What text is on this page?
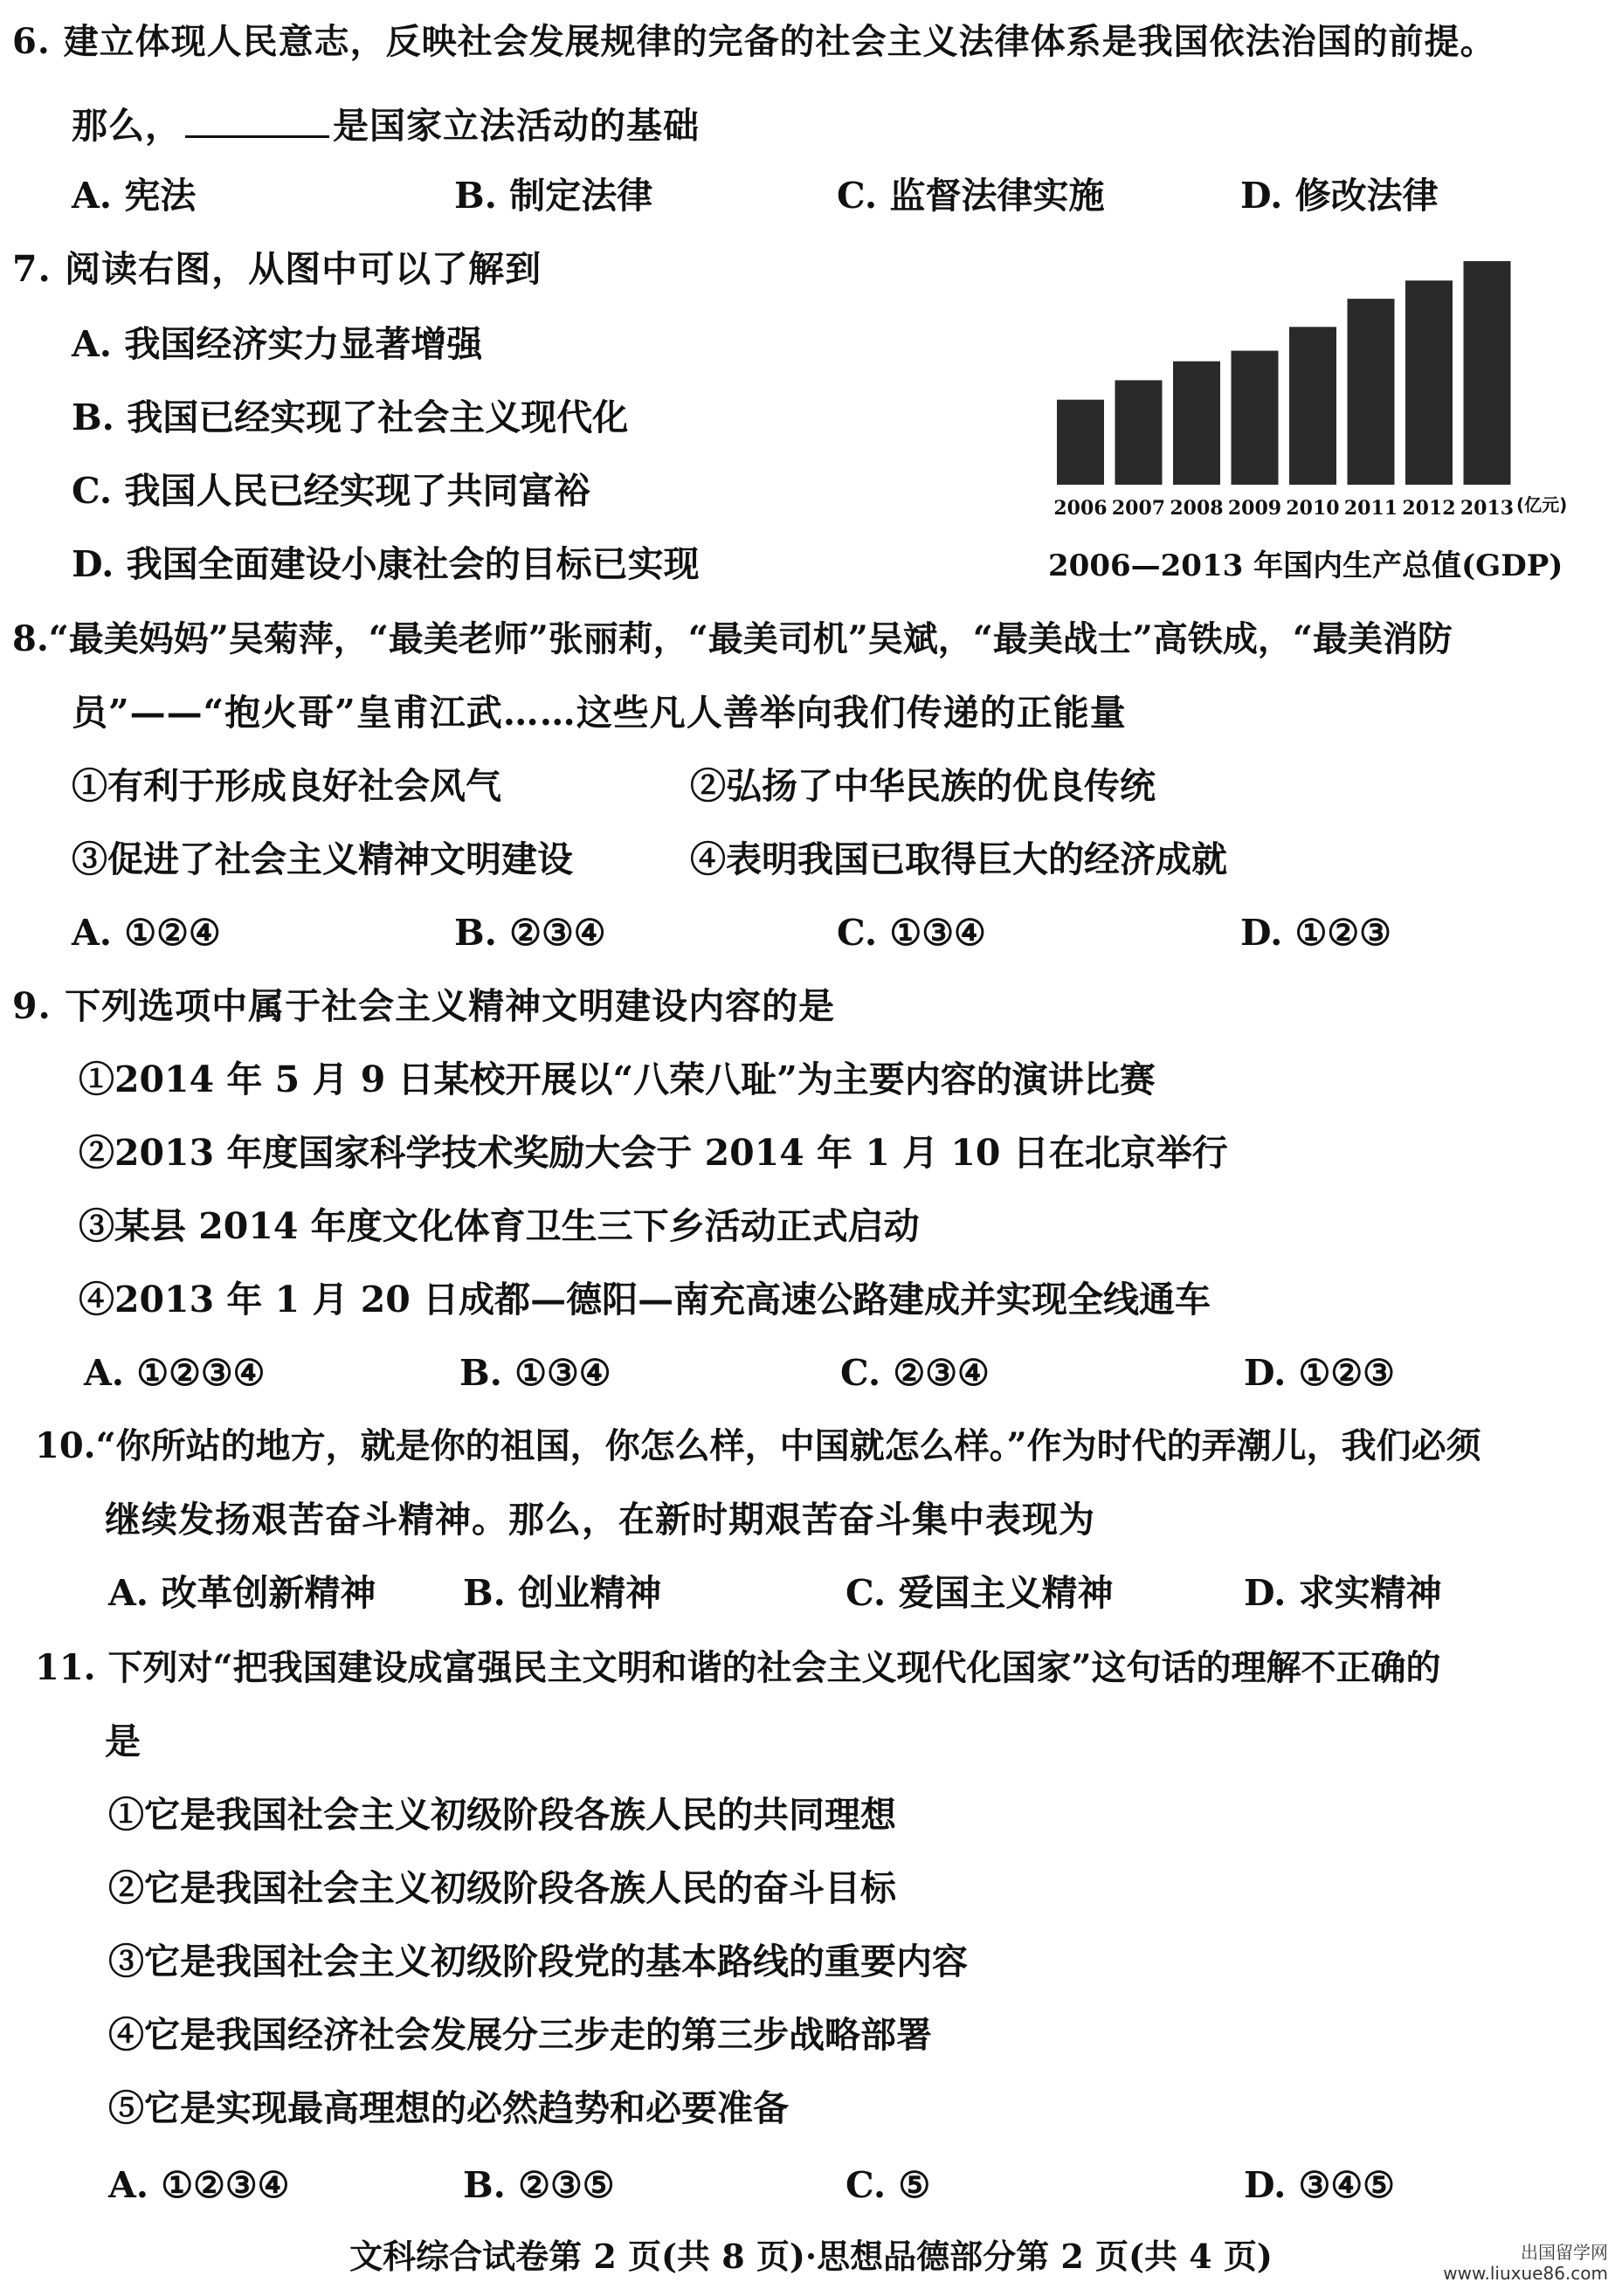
6. 建立体现人民意志，反映社会发展规律的完备的社会主义法律体系是我国依法治国的前提。
那么，	是国家立法活动的基础
A. 宪法	B. 制定法律	C. 监督法律实施	D. 修改法律
7. 阅读右图，从图中可以了解到
A. 我国经济实力显著增强
B. 我国已经实现了社会主义现代化
C. 我国人民已经实现了共同富裕
D. 我国全面建设小康社会的目标已实现
2006 2007 2008 2009 2010 2011 2012 2013 (亿元)
2006—2013 年国内生产总值(GDP)
8.“最美妈妈”吴菊萍，“最美老师”张丽莉，“最美司机”吴斌，“最美战士”高铁成，“最美消防
员”——“抱火哥”皇甫江武……这些凡人善举向我们传递的正能量
①有利于形成良好社会风气	②弘扬了中华民族的优良传统
③促进了社会主义精神文明建设	④表明我国已取得巨大的经济成就
A. ①②④	B. ②③④	C. ①③④	D. ①②③
9. 下列选项中属于社会主义精神文明建设内容的是
①2014 年 5 月 9 日某校开展以“八荣八耻”为主要内容的演讲比赛
②2013 年度国家科学技术奖励大会于 2014 年 1 月 10 日在北京举行
③某县 2014 年度文化体育卫生三下乡活动正式启动
④2013 年 1 月 20 日成都—德阳—南充高速公路建成并实现全线通车
A. ①②③④	B. ①③④	C. ②③④	D. ①②③
10.“你所站的地方，就是你的祖国，你怎么样，中国就怎么样。”作为时代的弄潮儿，我们必须
继续发扬艰苦奋斗精神。那么，在新时期艰苦奋斗集中表现为
A. 改革创新精神 B. 创业精神	C. 爱国主义精神	D. 求实精神
11. 下列对“把我国建设成富强民主文明和谐的社会主义现代化国家”这句话的理解不正确的
是
①它是我国社会主义初级阶段各族人民的共同理想
②它是我国社会主义初级阶段各族人民的奋斗目标
③它是我国社会主义初级阶段党的基本路线的重要内容
④它是我国经济社会发展分三步走的第三步战略部署
⑤它是实现最高理想的必然趋势和必要准备
A. ①②③④	B. ②③⑤	C. ⑤	D. ③④⑤
文科综合试卷第 2 页(共 8 页)·思想品德部分第 2 页(共 4 页)	出国留学网
www.liuxue86.com
